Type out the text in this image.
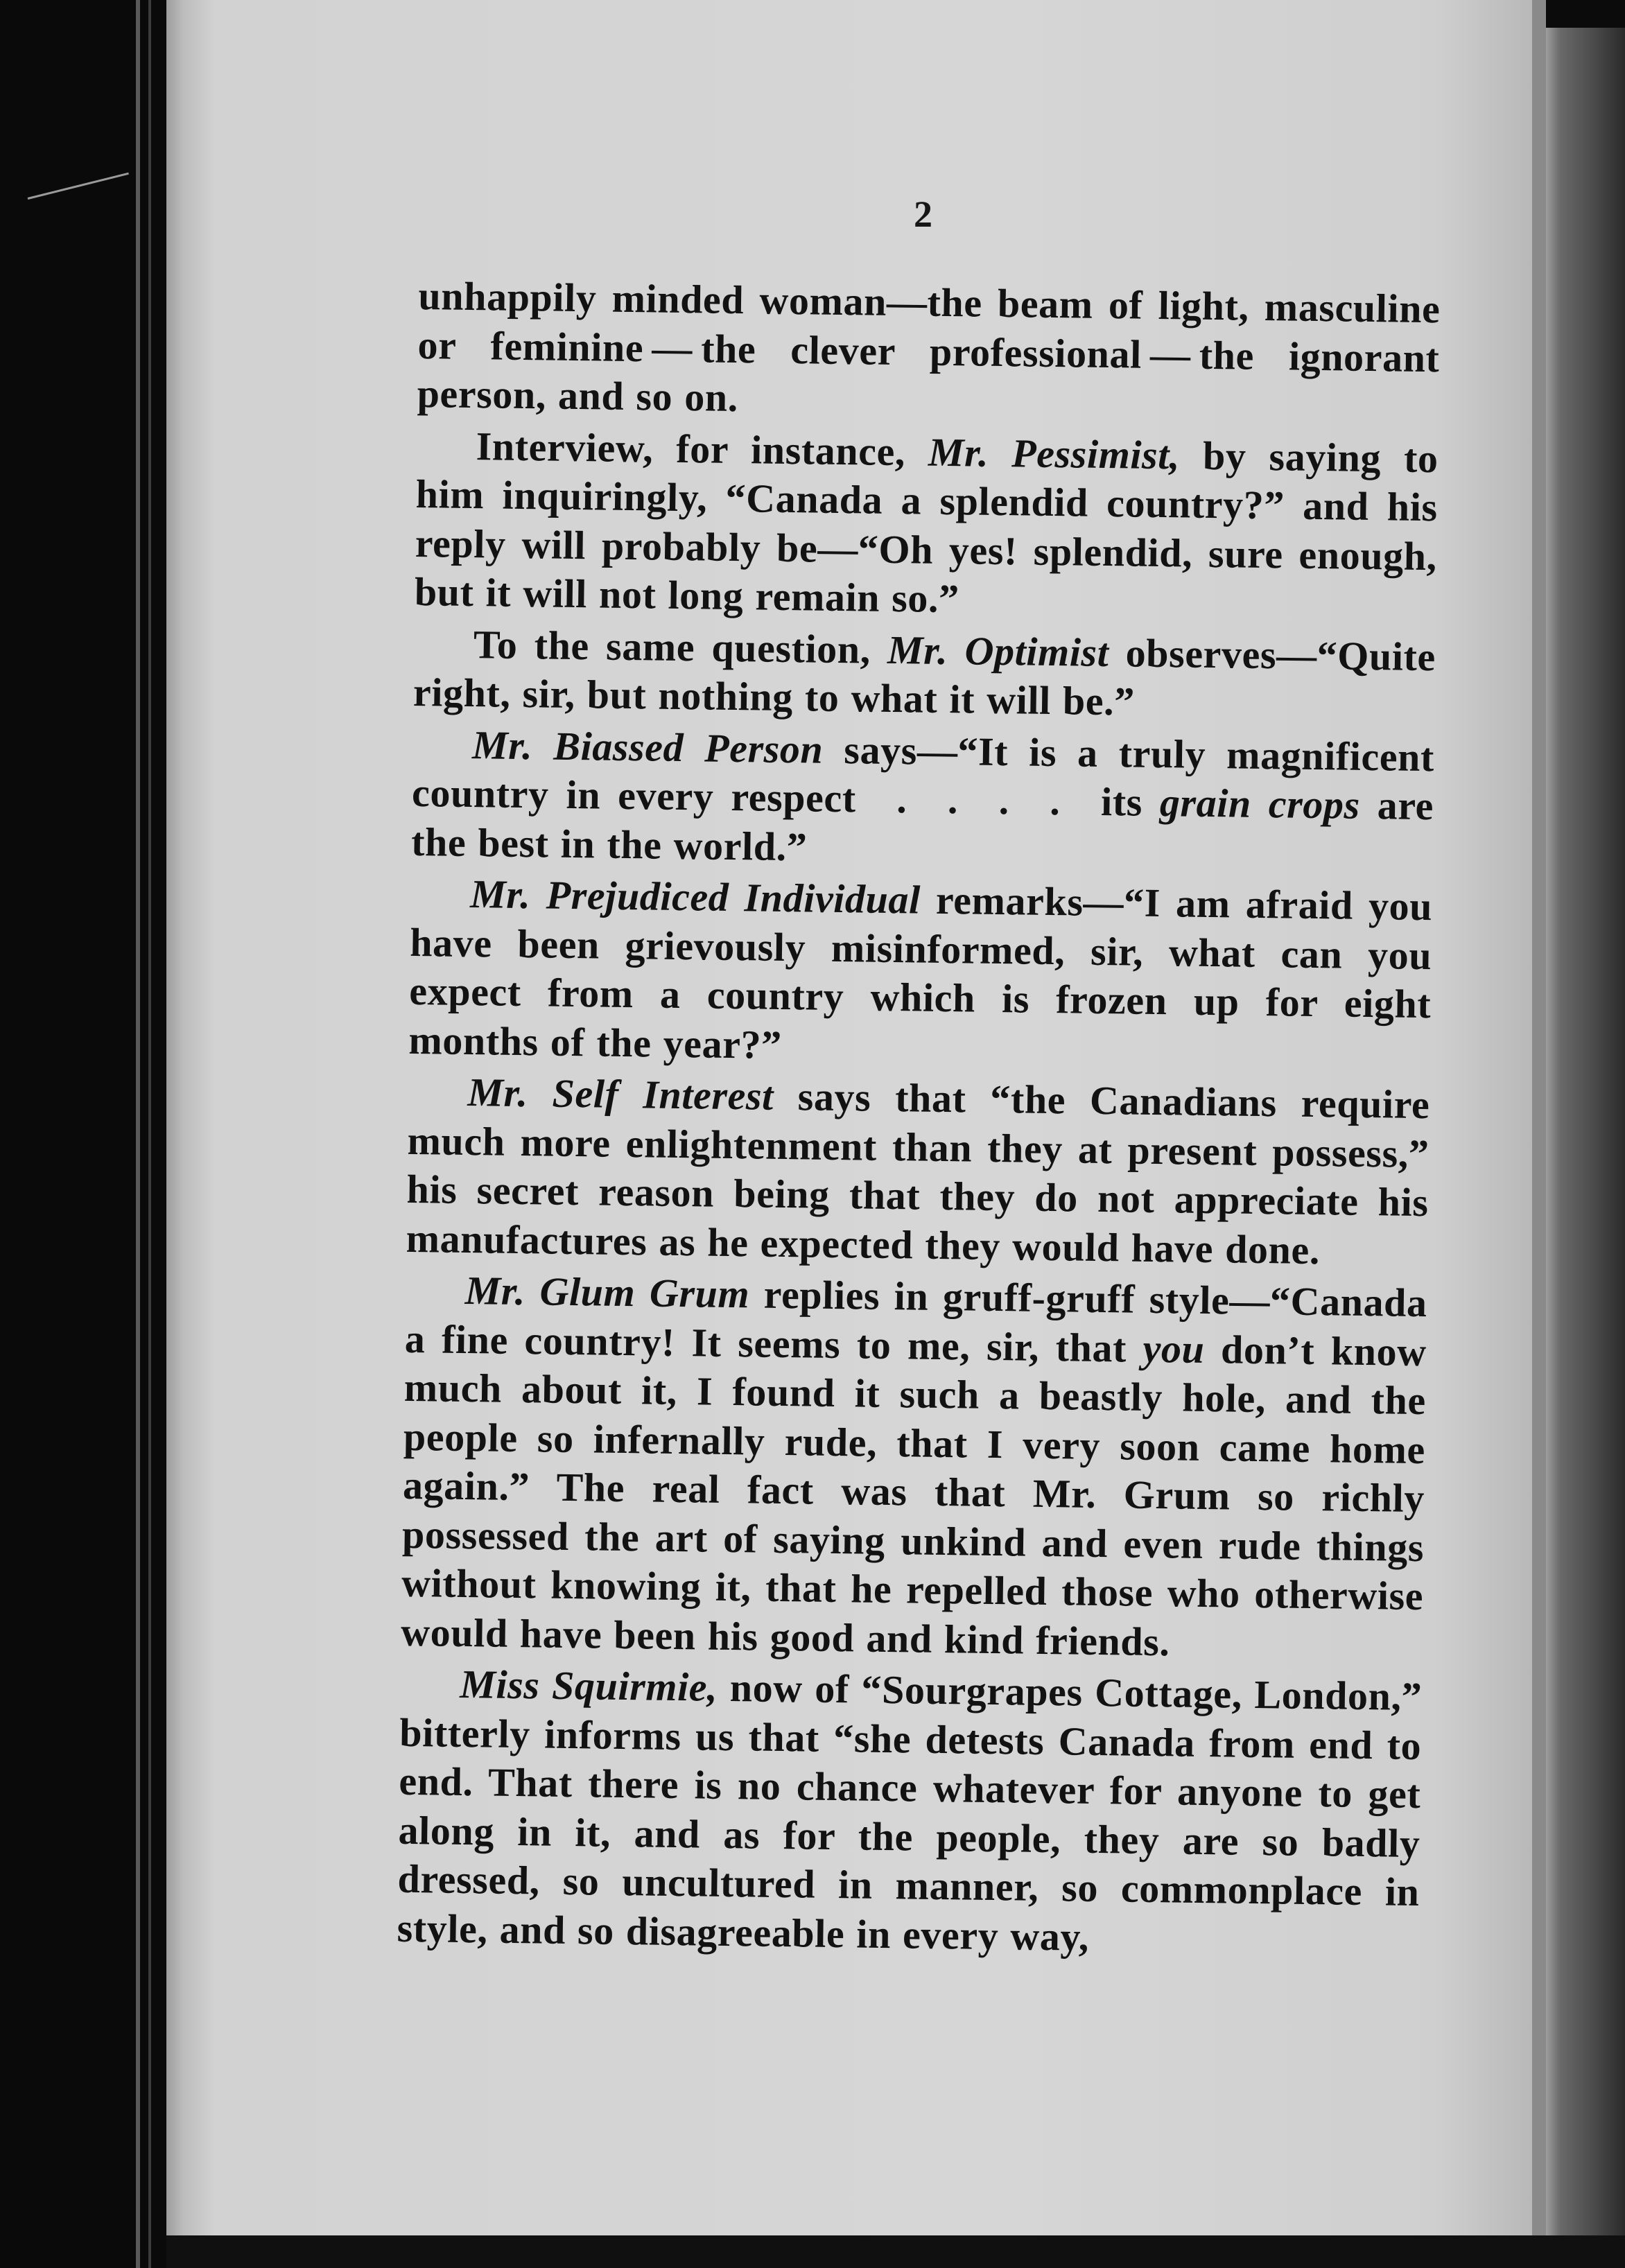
2

unhappily minded woman—the beam of light, masculine or feminine — the clever professional — the ignorant person, and so on.

Interview, for instance, Mr. Pessimist, by saying to him inquiringly, “Canada a splendid country?” and his reply will probably be—“Oh yes! splendid, sure enough, but it will not long remain so.”

To the same question, Mr. Optimist observes—“Quite right, sir, but nothing to what it will be.”

Mr. Biassed Person says—“It is a truly magnificent country in every respect . . . . its grain crops are the best in the world.”

Mr. Prejudiced Individual remarks—“I am afraid you have been grievously misinformed, sir, what can you expect from a country which is frozen up for eight months of the year?”

Mr. Self Interest says that “the Canadians require much more enlightenment than they at present possess,” his secret reason being that they do not appreciate his manufactures as he expected they would have done.

Mr. Glum Grum replies in gruff-gruff style—“Canada a fine country! It seems to me, sir, that you don’t know much about it, I found it such a beastly hole, and the people so infernally rude, that I very soon came home again.” The real fact was that Mr. Grum so richly possessed the art of saying unkind and even rude things without knowing it, that he repelled those who otherwise would have been his good and kind friends.

Miss Squirmie, now of “Sourgrapes Cottage, London,” bitterly informs us that “she detests Canada from end to end. That there is no chance whatever for anyone to get along in it, and as for the people, they are so badly dressed, so uncultured in manner, so commonplace in style, and so disagreeable in every way,
